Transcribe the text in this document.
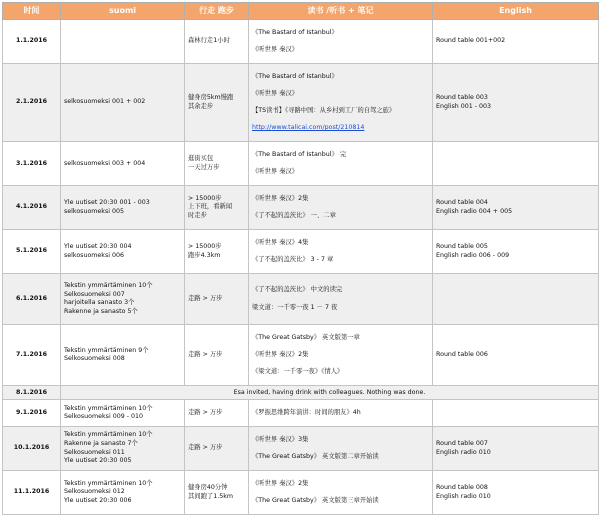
时间	suomi	行走 跑步	读书 /听书 + 笔记	English
1.1.2016		森林行走1小时	《The Bastard of Istanbul》

《听世界 秦汉》	Round table 001+002
2.1.2016	selkosuomeksi 001 + 002	健身房5km慢跑
其余走步	《The Bastard of Istanbul》

《听世界 秦汉》

【TS读书】《寻路中国：从乡村到工厂的自驾之旅》

http://www.talicai.com/post/210814	Round table 003
English 001 - 003
3.1.2016	selkosuomeksi 003 + 004	逛街买包
一天过万步	《The Bastard of Istanbul》 完

《听世界 秦汉》	

4.1.2016	Yle uutiset 20:30 001 - 003
selkosuomeksi 005	> 15000步
上下班，看新闻
时走步	《听世界 秦汉》2集

《了不起的盖茨比》 一、二章	Round table 004
English radio 004 + 005
5.1.2016	Yle uutiset 20:30 004
selkosuomeksi 006	> 15000步
跑步4.3km	《听世界 秦汉》4集

《了不起的盖茨比》 3 - 7 章	Round table 005
English radio 006 - 009
6.1.2016	Tekstin ymmärtäminen 10个
Selkosuomeksi 007
harjoitella sanasto 3个
Rakenne ja sanasto 5个	走路 > 万步	《了不起的盖茨比》 中文的读完

梁文道：一千零一夜 1 － 7 夜	

7.1.2016	Tekstin ymmärtäminen 9个
Selkosuomeksi 008	走路 > 万步	《The Great Gatsby》 英文版第一章

《听世界 秦汉》2集

《梁文道：一千零一夜》《情人》	Round table 006
8.1.2016	Esa invited, having drink with colleagues. Nothing was done.			
9.1.2016	Tekstin ymmärtäminen 10个
Selkosuomeksi 009 - 010	走路 > 万步	《罗振思维跨年演讲：时间的朋友》4h	

10.1.2016	Tekstin ymmärtäminen 10个
Rakenne ja sanasto 7个
Selkosuomeksi 011
Yle uutiset 20:30 005	走路 > 万步	《听世界 秦汉》3集

《The Great Gatsby》 英文版第二章开始读	Round table 007
English radio 010
11.1.2016	Tekstin ymmärtäminen 10个
Selkosuomeksi 012
Yle uutiset 20:30 006	健身房40分钟
其间跑了1.5km	《听世界 秦汉》2集

《The Great Gatsby》 英文版第三章开始读	Round table 008
English radio 010
